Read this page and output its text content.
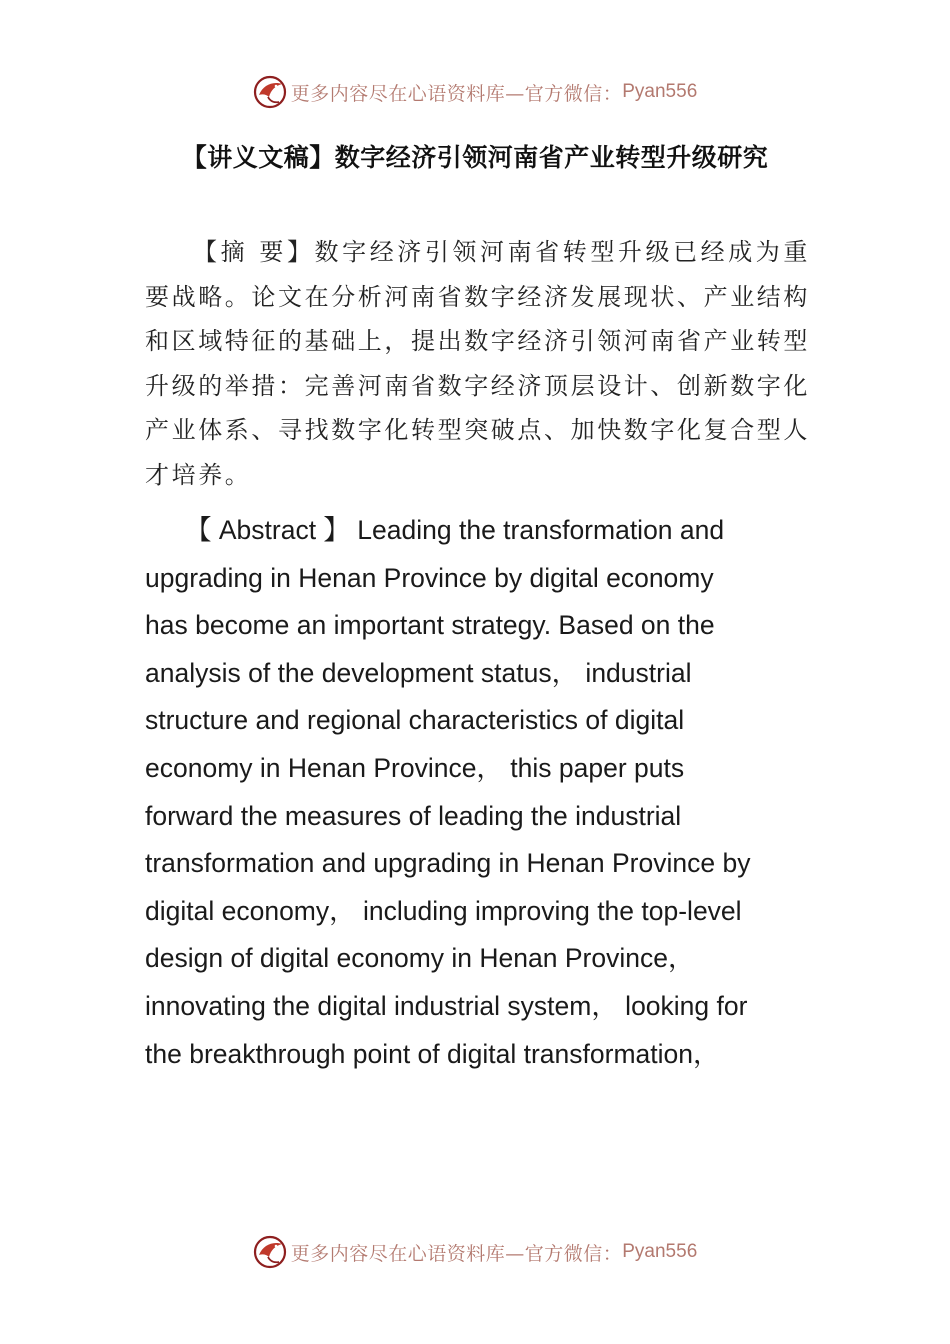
更多内容尽在心语资料库—官方微信： Pyan556
【讲义文稿】数字经济引领河南省产业转型升级研究

【摘 要】数字经济引领河南省转型升级已经成为重要战略。论文在分析河南省数字经济发展现状、产业结构和区域特征的基础上，提出数字经济引领河南省产业转型升级的举措：完善河南省数字经济顶层设计、创新数字化产业体系、寻找数字化转型突破点、加快数字化复合型人才培养。

【 Abstract 】 Leading the transformation and
upgrading in Henan Province by digital economy
has become an important strategy. Based on the
analysis of the development status， industrial
structure and regional characteristics of digital
economy in Henan Province， this paper puts
forward the measures of leading the industrial
transformation and upgrading in Henan Province by
digital economy， including improving the top-level
design of digital economy in Henan Province，
innovating the digital industrial system， looking for
the breakthrough point of digital transformation，
更多内容尽在心语资料库—官方微信： Pyan556
